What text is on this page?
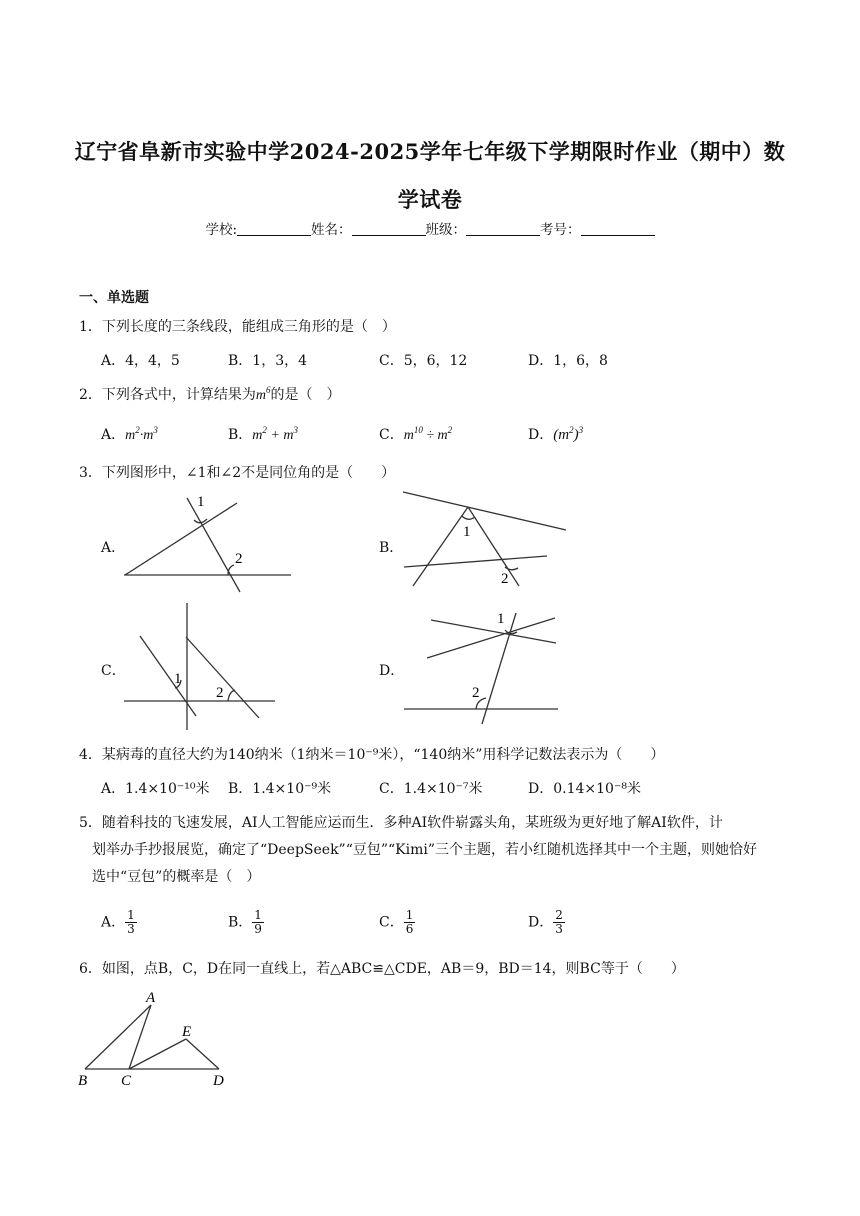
辽宁省阜新市实验中学2024-2025学年七年级下学期限时作业（期中）数
学试卷
学校:	姓名：	班级：	考号：
一、单选题
1．下列长度的三条线段，能组成三角形的是（　）
A．4，4，5	B．1，3，4	C．5，6，12	D．1，6，8
2．下列各式中，计算结果为$m^6$的是（　）
A．$m^2\cdot m^3$	B．$m^2 + m^3$	C．$m^{10} \div m^2$	D．$(m^2)^3$
3．下列图形中，∠1和∠2不是同位角的是（　　）
A．	B．
C．	D．
1
2
1
2
1
2
1
2
4．某病毒的直径大约为140纳米（1纳米＝10⁻⁹米），“140纳米”用科学记数法表示为（　　）
A．1.4×10⁻¹⁰米 B．1.4×10⁻⁹米	C．1.4×10⁻⁷米	D．0.14×10⁻⁸米
5．随着科技的飞速发展，AI人工智能应运而生．多种AI软件崭露头角，某班级为更好地了解AI软件，计
划举办手抄报展览，确定了“DeepSeek”“豆包”“Kimi”三个主题，若小红随机选择其中一个主题，则她恰好
选中“豆包”的概率是（　）
A． $\frac{1}{3}$	B． $\frac{1}{9}$	C． $\frac{1}{6}$	D． $\frac{2}{3}$
6．如图，点B，C，D在同一直线上，若△ABC≌△CDE，AB＝9，BD＝14，则BC等于（　　）
A
B C	D
E
